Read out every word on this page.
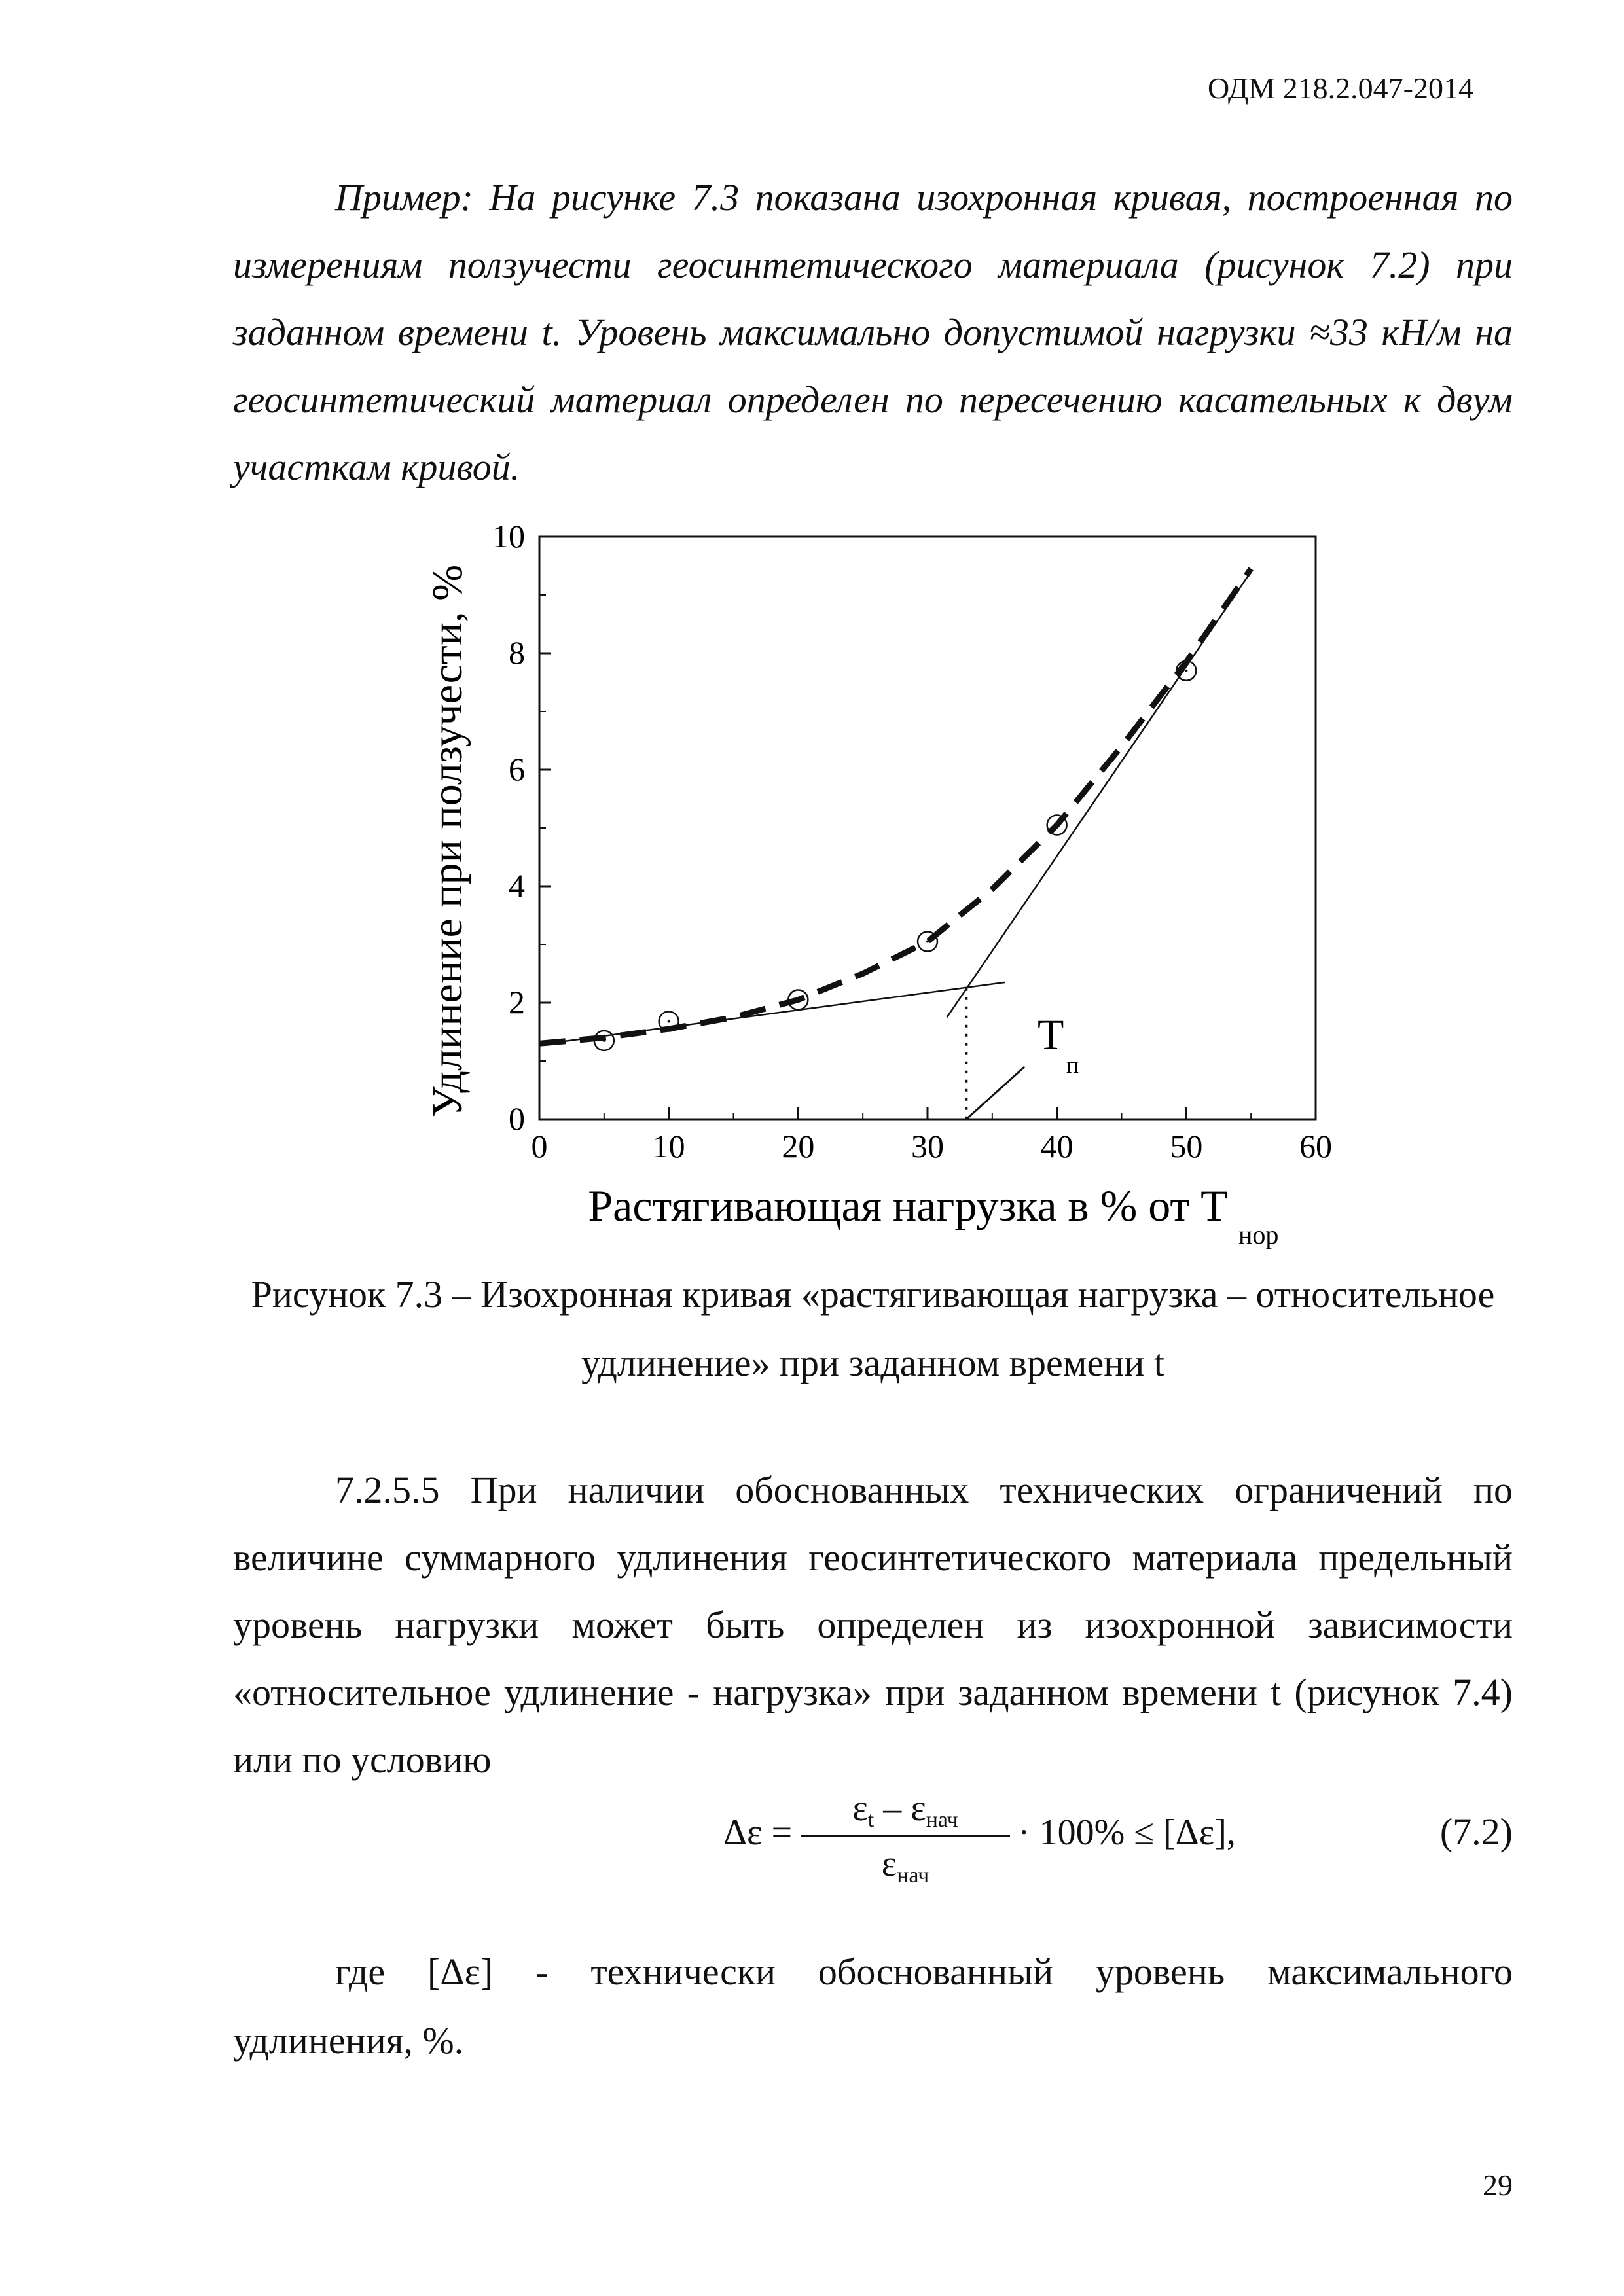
ОДМ 218.2.047-2014

Пример: На рисунке 7.3 показана изохронная кривая, построенная по измерениям ползучести геосинтетического материала (рисунок 7.2) при заданном времени t. Уровень максимально допустимой нагрузки ≈33 кН/м на геосинтетический материал определен по пересечению касательных к двум участкам кривой.

0	10	20	30	40	50	60
0
2
4
6
8
10
T
п
Растягивающая нагрузка в % от T
нор
Удлинение при ползучести, %
Рисунок 7.3 – Изохронная кривая «растягивающая нагрузка – относительное
удлинение» при заданном времени t

7.2.5.5 При наличии обоснованных технических ограничений по величине суммарного удлинения геосинтетического материала предельный уровень нагрузки может быть определен из изохронной зависимости «относительное удлинение - нагрузка» при заданном времени t (рисунок 7.4) или по условию

Δε =
$\varepsilon_t - \varepsilon_{нач}$
$\varepsilon_{нач}$
· 100% ≤ [Δε],	(7.2)
где [Δε] - технически обоснованный уровень максимального
удлинения, %.
29
